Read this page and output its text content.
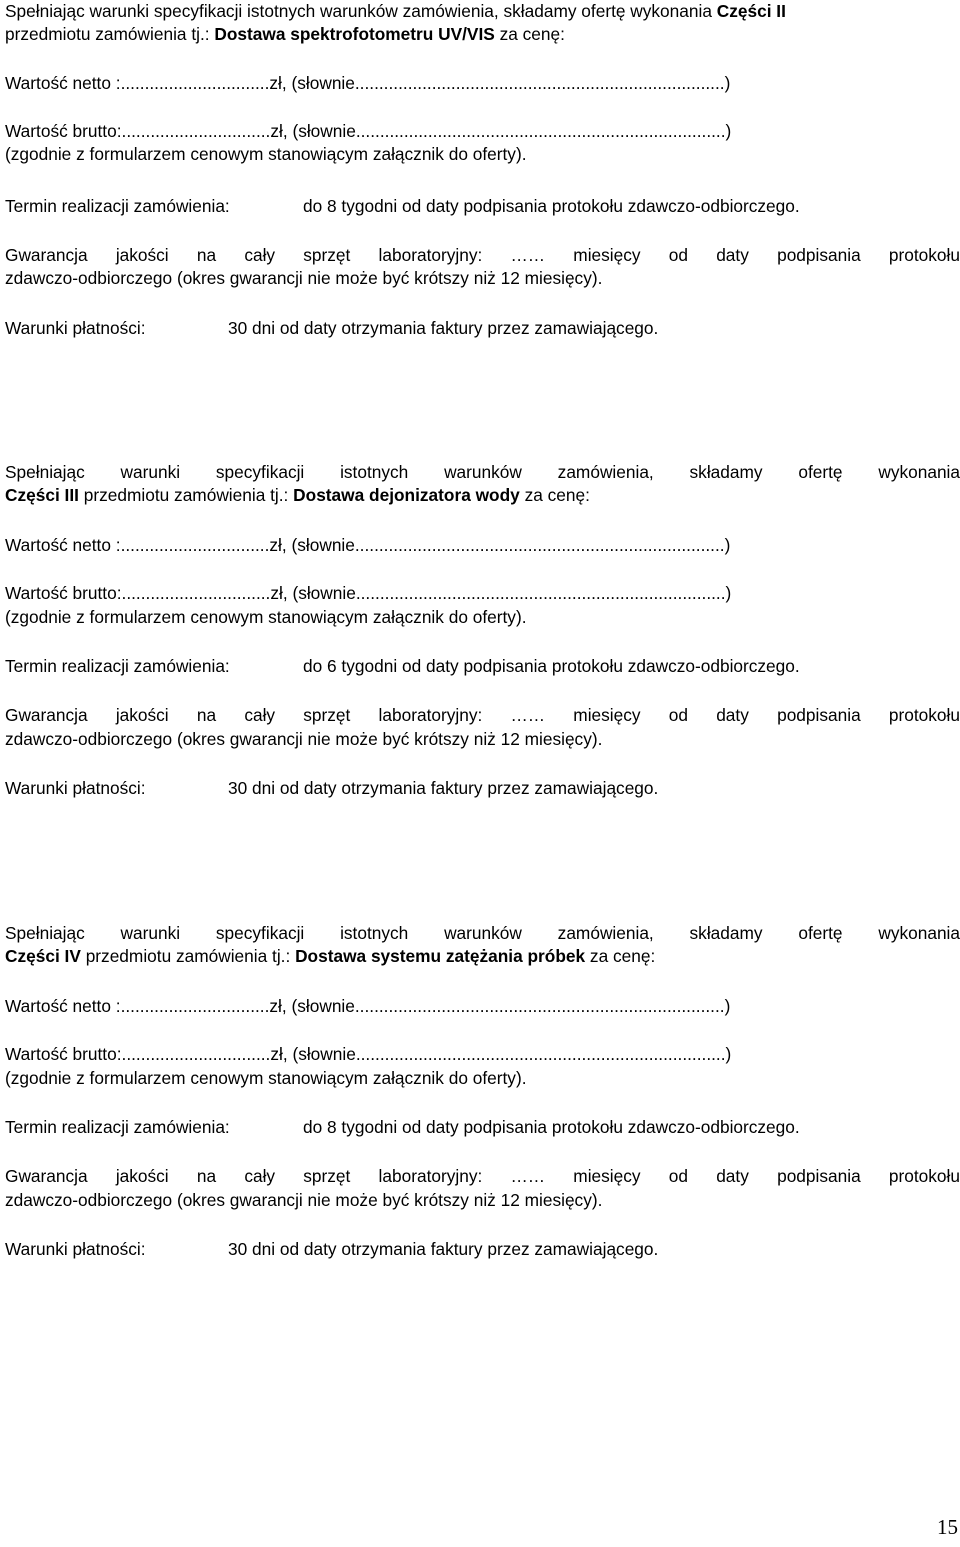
Spełniając warunki specyfikacji istotnych warunków zamówienia, składamy ofertę wykonania Części II
przedmiotu zamówienia tj.: Dostawa spektrofotometru UV/VIS za cenę:
Wartość netto :...............................zł, (słownie.............................................................................)
Wartość brutto:...............................zł, (słownie.............................................................................)
(zgodnie z formularzem cenowym stanowiącym załącznik do oferty).
Termin realizacji zamówienia:	do 8 tygodni od daty podpisania protokołu zdawczo-odbiorczego.
Gwarancja jakości na cały sprzęt laboratoryjny: …… miesięcy od daty podpisania protokołu
zdawczo-odbiorczego (okres gwarancji nie może być krótszy niż 12 miesięcy).
Warunki płatności:	30 dni od daty otrzymania faktury przez zamawiającego.
Spełniając warunki specyfikacji istotnych warunków zamówienia, składamy ofertę wykonania
Części III przedmiotu zamówienia tj.: Dostawa dejonizatora wody za cenę:
Wartość netto :...............................zł, (słownie.............................................................................)
Wartość brutto:...............................zł, (słownie.............................................................................)
(zgodnie z formularzem cenowym stanowiącym załącznik do oferty).
Termin realizacji zamówienia:	do 6 tygodni od daty podpisania protokołu zdawczo-odbiorczego.
Gwarancja jakości na cały sprzęt laboratoryjny: …… miesięcy od daty podpisania protokołu
zdawczo-odbiorczego (okres gwarancji nie może być krótszy niż 12 miesięcy).
Warunki płatności:	30 dni od daty otrzymania faktury przez zamawiającego.
Spełniając warunki specyfikacji istotnych warunków zamówienia, składamy ofertę wykonania
Części IV przedmiotu zamówienia tj.: Dostawa systemu zatężania próbek za cenę:
Wartość netto :...............................zł, (słownie.............................................................................)
Wartość brutto:...............................zł, (słownie.............................................................................)
(zgodnie z formularzem cenowym stanowiącym załącznik do oferty).
Termin realizacji zamówienia:	do 8 tygodni od daty podpisania protokołu zdawczo-odbiorczego.
Gwarancja jakości na cały sprzęt laboratoryjny: …… miesięcy od daty podpisania protokołu
zdawczo-odbiorczego (okres gwarancji nie może być krótszy niż 12 miesięcy).
Warunki płatności:	30 dni od daty otrzymania faktury przez zamawiającego.
15
